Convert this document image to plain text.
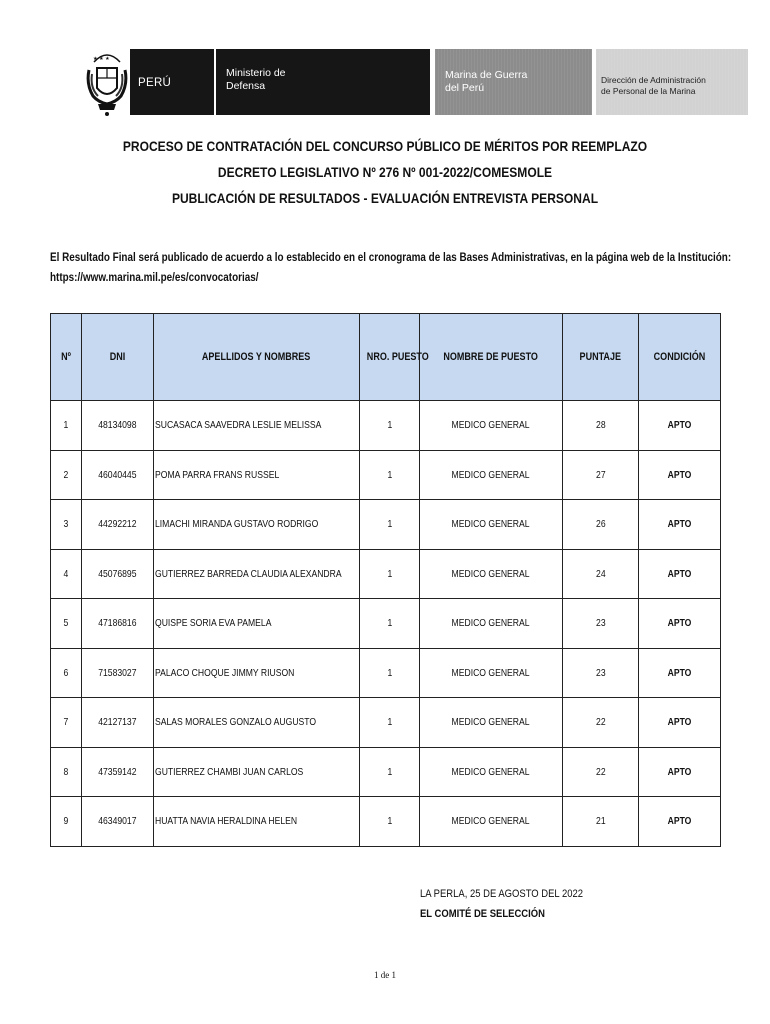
★ ★ ★
PERÚ
Ministerio de
Defensa
Marina de Guerra
del Perú
Dirección de Administración
de Personal de la Marina
PROCESO DE CONTRATACIÓN DEL CONCURSO PÚBLICO DE MÉRITOS POR REEMPLAZO
DECRETO LEGISLATIVO Nº 276 Nº 001-2022/COMESMOLE
PUBLICACIÓN DE RESULTADOS - EVALUACIÓN ENTREVISTA PERSONAL
El Resultado Final será publicado de acuerdo a lo establecido en el cronograma de las Bases Administrativas, en la página web de la Institución:
https://www.marina.mil.pe/es/convocatorias/
Nº	DNI	APELLIDOS Y NOMBRES	NRO. PUESTO	NOMBRE DE PUESTO	PUNTAJE	CONDICIÓN
1	48134098	SUCASACA SAAVEDRA LESLIE MELISSA	1	MEDICO GENERAL	28	APTO
2	46040445	POMA PARRA FRANS RUSSEL	1	MEDICO GENERAL	27	APTO
3	44292212	LIMACHI MIRANDA GUSTAVO RODRIGO	1	MEDICO GENERAL	26	APTO
4	45076895	GUTIERREZ BARREDA CLAUDIA ALEXANDRA	1	MEDICO GENERAL	24	APTO
5	47186816	QUISPE SORIA EVA PAMELA	1	MEDICO GENERAL	23	APTO
6	71583027	PALACO CHOQUE JIMMY RIUSON	1	MEDICO GENERAL	23	APTO
7	42127137	SALAS MORALES GONZALO AUGUSTO	1	MEDICO GENERAL	22	APTO
8	47359142	GUTIERREZ CHAMBI JUAN CARLOS	1	MEDICO GENERAL	22	APTO
9	46349017	HUATTA NAVIA HERALDINA HELEN	1	MEDICO GENERAL	21	APTO
LA PERLA, 25 DE AGOSTO DEL 2022
EL COMITÉ DE SELECCIÓN
1 de 1
